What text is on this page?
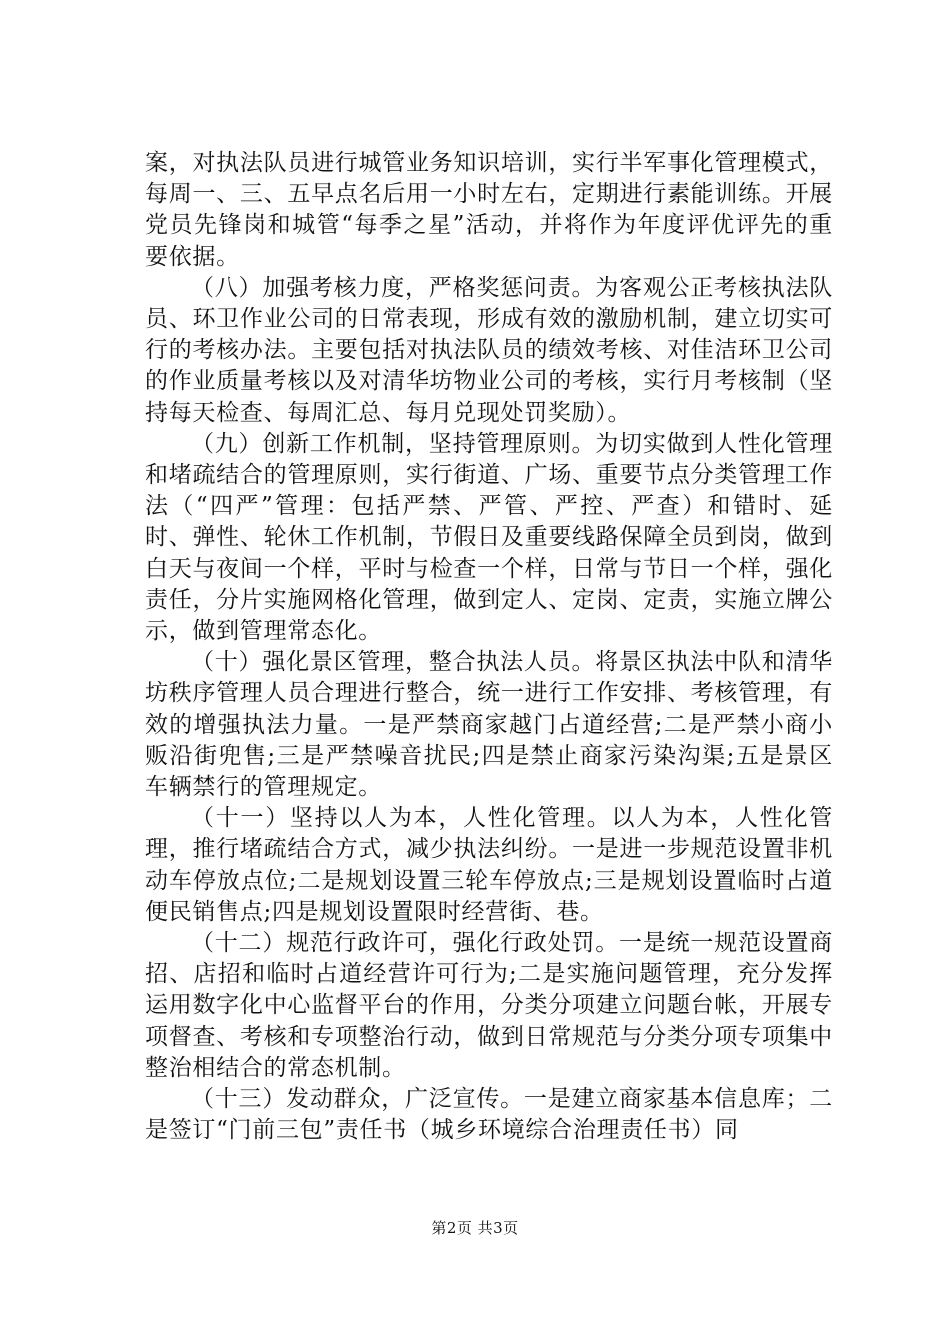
案，对执法队员进行城管业务知识培训，实行半军事化管理模式，每周一、三、五早点名后用一小时左右，定期进行素能训练。开展党员先锋岗和城管“每季之星”活动，并将作为年度评优评先的重要依据。

（八）加强考核力度，严格奖惩问责。为客观公正考核执法队员、环卫作业公司的日常表现，形成有效的激励机制，建立切实可行的考核办法。主要包括对执法队员的绩效考核、对佳洁环卫公司的作业质量考核以及对清华坊物业公司的考核，实行月考核制（坚持每天检查、每周汇总、每月兑现处罚奖励）。

（九）创新工作机制，坚持管理原则。为切实做到人性化管理和堵疏结合的管理原则，实行街道、广场、重要节点分类管理工作法（“四严”管理：包括严禁、严管、严控、严查）和错时、延时、弹性、轮休工作机制，节假日及重要线路保障全员到岗，做到白天与夜间一个样，平时与检查一个样，日常与节日一个样，强化责任，分片实施网格化管理，做到定人、定岗、定责，实施立牌公示，做到管理常态化。

（十）强化景区管理，整合执法人员。将景区执法中队和清华坊秩序管理人员合理进行整合，统一进行工作安排、考核管理，有效的增强执法力量。一是严禁商家越门占道经营;二是严禁小商小贩沿街兜售;三是严禁噪音扰民;四是禁止商家污染沟渠;五是景区车辆禁行的管理规定。

（十一）坚持以人为本，人性化管理。以人为本，人性化管理，推行堵疏结合方式，减少执法纠纷。一是进一步规范设置非机动车停放点位;二是规划设置三轮车停放点;三是规划设置临时占道便民销售点;四是规划设置限时经营街、巷。

（十二）规范行政许可，强化行政处罚。一是统一规范设置商招、店招和临时占道经营许可行为;二是实施问题管理，充分发挥运用数字化中心监督平台的作用，分类分项建立问题台帐，开展专项督查、考核和专项整治行动，做到日常规范与分类分项专项集中整治相结合的常态机制。

（十三）发动群众，广泛宣传。一是建立商家基本信息库；二是签订“门前三包”责任书（城乡环境综合治理责任书）同

第2页 共3页
